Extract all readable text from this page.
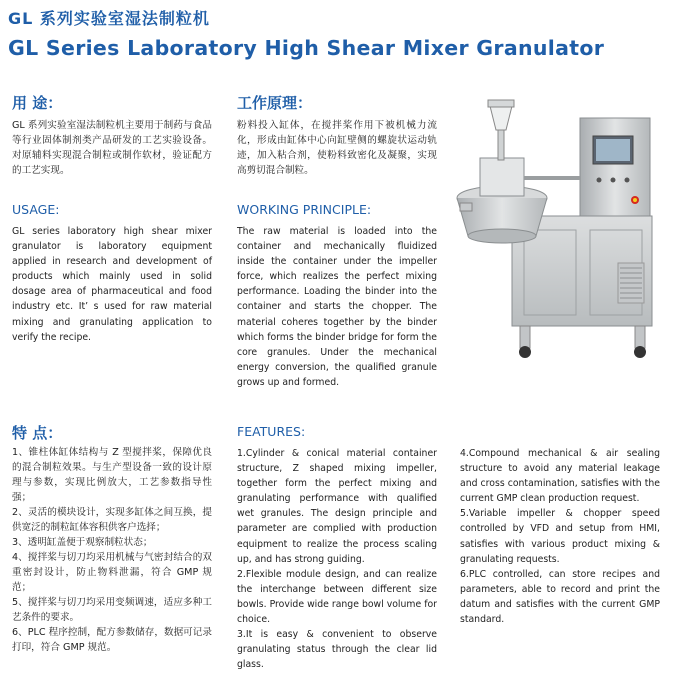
GL 系列实验室湿法制粒机
GL Series Laboratory High Shear Mixer Granulator
用 途：
GL 系列实验室湿法制粒机主要用于制药与食品等行业固体制剂类产品研发的工艺实验设备。对原辅料实现混合制粒或制作软材，验证配方的工艺实现。
工作原理：
粉料投入缸体，在搅拌桨作用下被机械力流化，形成由缸体中心向缸壁侧的螺旋状运动轨迹，加入粘合剂，使粉料致密化及凝聚，实现高剪切混合制粒。
USAGE:
GL series laboratory high shear mixer granulator is laboratory equipment applied in research and development of products which mainly used in solid dosage area of pharmaceutical and food industry etc. It’ s used for raw material mixing and granulating application to verify the recipe.
WORKING PRINCIPLE:
The raw material is loaded into the container and mechanically fluidized inside the container under the impeller force, which realizes the perfect mixing performance. Loading the binder into the container and starts the chopper. The material coheres together by the binder which forms the binder bridge for form the core granules. Under the mechanical energy conversion, the qualified granule grows up and formed.
特 点：

1、锥柱体缸体结构与 Z 型搅拌桨，保障优良的混合制粒效果。与生产型设备一致的设计原理与参数，实现比例放大，工艺参数指导性强；

2、灵活的模块设计，实现多缸体之间互换，提供宽泛的制粒缸体容积供客户选择；

3、透明缸盖便于观察制粒状态；

4、搅拌桨与切刀均采用机械与气密封结合的双重密封设计，防止物料泄漏，符合 GMP 规范；

5、搅拌桨与切刀均采用变频调速，适应多种工艺条件的要求。

6、PLC 程序控制，配方参数储存，数据可记录打印，符合 GMP 规范。

FEATURES:

1.Cylinder & conical material container structure, Z shaped mixing impeller, together form the perfect mixing and granulating performance with qualified wet granules. The design principle and parameter are complied with production equipment to realize the process scaling up, and has strong guiding.

2.Flexible module design, and can realize the interchange between different size bowls. Provide wide range bowl volume for choice.

3.It is easy & convenient to observe granulating status through the clear lid glass.

4.Compound mechanical & air sealing structure to avoid any material leakage and cross contamination, satisfies with the current GMP clean production request.

5.Variable impeller & chopper speed controlled by VFD and setup from HMI, satisfies with various product mixing & granulating requests.

6.PLC controlled, can store recipes and parameters, able to record and print the datum and satisfies with the current GMP standard.
